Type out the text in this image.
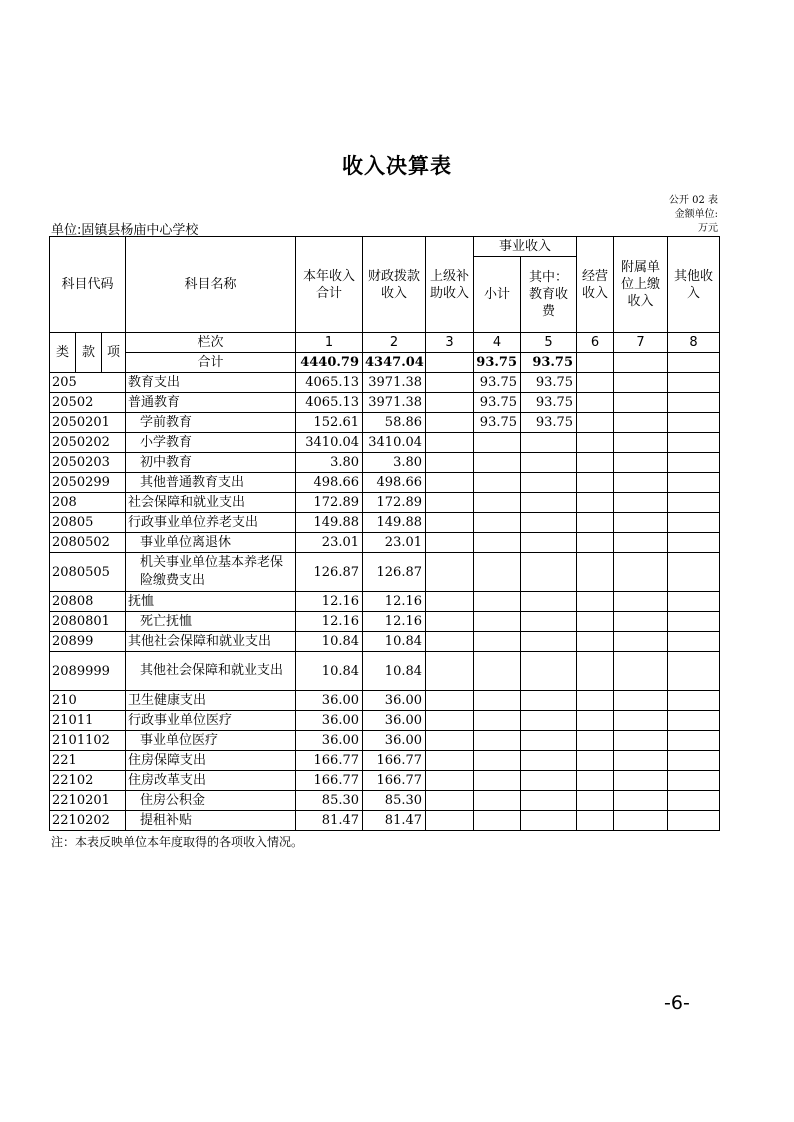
收入决算表
公开 02 表
金额单位:
万元
单位:固镇县杨庙中心学校
科目代码			科目名称	本年收入合计	财政拨款收入	上级补助收入	事业收入		经营收入	附属单位上缴收入	其他收入
							小计	其中：教育收费			
类	款	项	栏次	1	2	3	4	5	6	7	8
			合计	4440.79	4347.04		93.75	93.75			
205			教育支出	4065.13	3971.38		93.75	93.75			
20502			普通教育	4065.13	3971.38		93.75	93.75			
2050201			学前教育	152.61	58.86		93.75	93.75			
2050202			小学教育	3410.04	3410.04						
2050203			初中教育	3.80	3.80						
2050299			其他普通教育支出	498.66	498.66						
208			社会保障和就业支出	172.89	172.89						
20805			行政事业单位养老支出	149.88	149.88						
2080502			事业单位离退休	23.01	23.01						
2080505			机关事业单位基本养老保险缴费支出	126.87	126.87						
20808			抚恤	12.16	12.16						
2080801			死亡抚恤	12.16	12.16						
20899			其他社会保障和就业支出	10.84	10.84						
2089999			其他社会保障和就业支出	10.84	10.84						
210			卫生健康支出	36.00	36.00						
21011			行政事业单位医疗	36.00	36.00						
2101102			事业单位医疗	36.00	36.00						
221			住房保障支出	166.77	166.77						
22102			住房改革支出	166.77	166.77						
2210201			住房公积金	85.30	85.30						
2210202			提租补贴	81.47	81.47						
注：本表反映单位本年度取得的各项收入情况。
-6-
